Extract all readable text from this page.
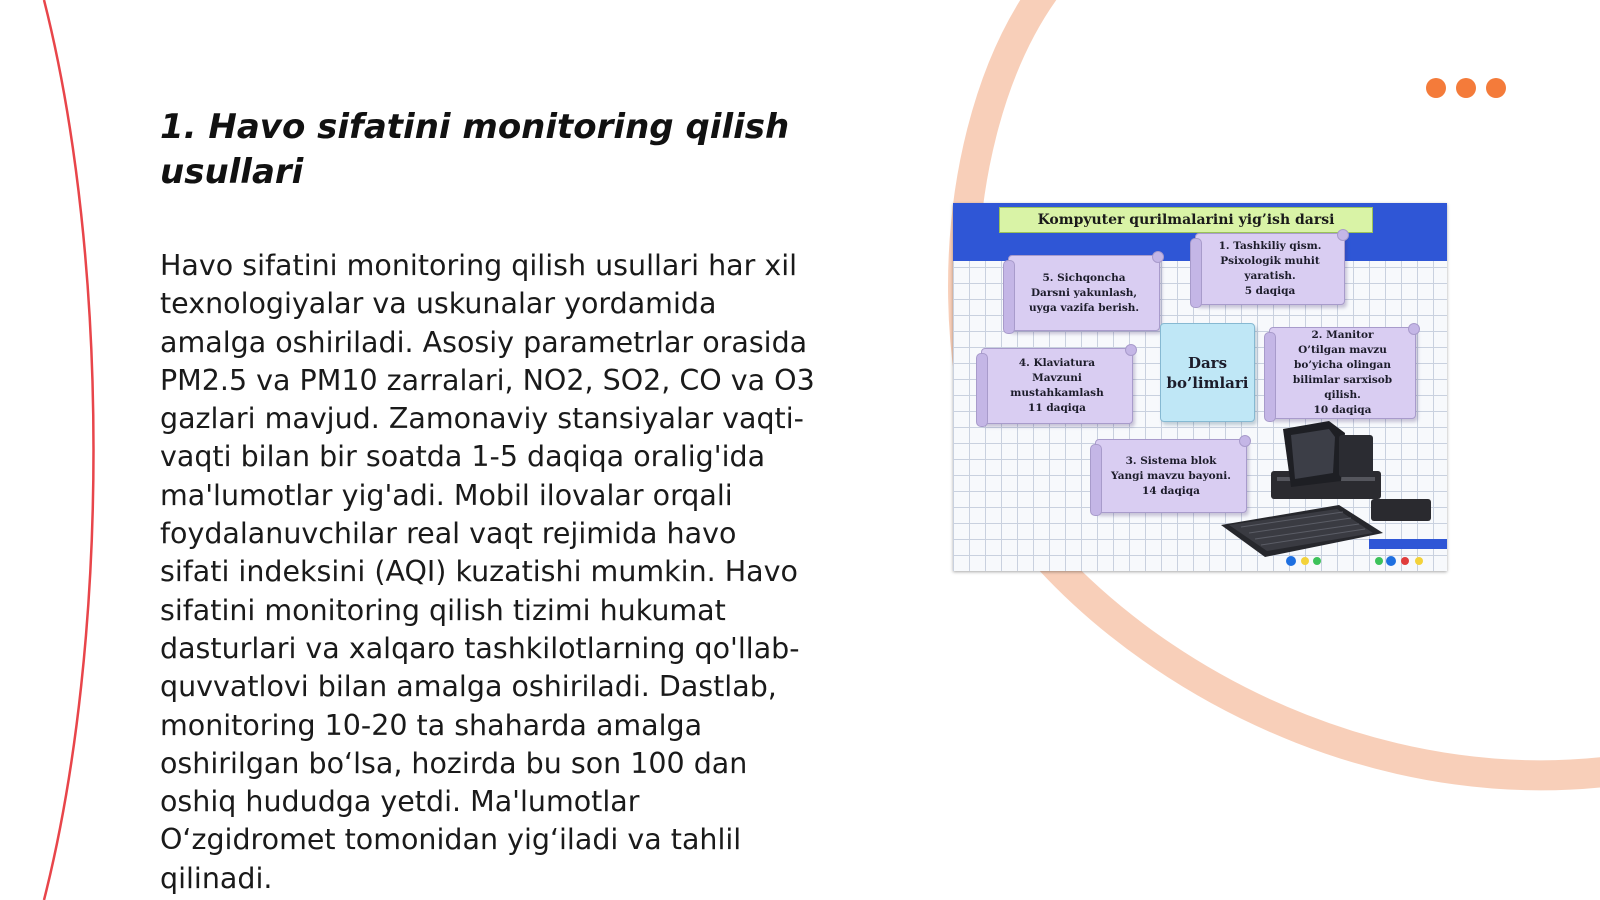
1. Havo sifatini monitoring qilish
usullari

Havo sifatini monitoring qilish usullari har xil
texnologiyalar va uskunalar yordamida
amalga oshiriladi. Asosiy parametrlar orasida
PM2.5 va PM10 zarralari, NO2, SO2, CO va O3
gazlari mavjud. Zamonaviy stansiyalar vaqti-
vaqti bilan bir soatda 1-5 daqiqa oralig'ida
ma'lumotlar yig'adi. Mobil ilovalar orqali
foydalanuvchilar real vaqt rejimida havo
sifati indeksini (AQI) kuzatishi mumkin. Havo
sifatini monitoring qilish tizimi hukumat
dasturlari va xalqaro tashkilotlarning qo'llab-
quvvatlovi bilan amalga oshiriladi. Dastlab,
monitoring 10-20 ta shaharda amalga
oshirilgan bo‘lsa, hozirda bu son 100 dan
oshiq hududga yetdi. Ma'lumotlar
O‘zgidromet tomonidan yig‘iladi va tahlil
qilinadi.

Kompyuter qurilmalarini yig’ish darsi
1. Tashkiliy qism.
Psixologik muhit
yaratish.
5 daqiqa
5. Sichqoncha
Darsni yakunlash,
uyga vazifa berish.
Dars
bo’limlari
2. Manitor
O’tilgan mavzu
bo’yicha olingan
bilimlar sarxisob
qilish.
10 daqiqa
4. Klaviatura
Mavzuni
mustahkamlash
11 daqiqa
3. Sistema blok
Yangi mavzu bayoni.
14 daqiqa
